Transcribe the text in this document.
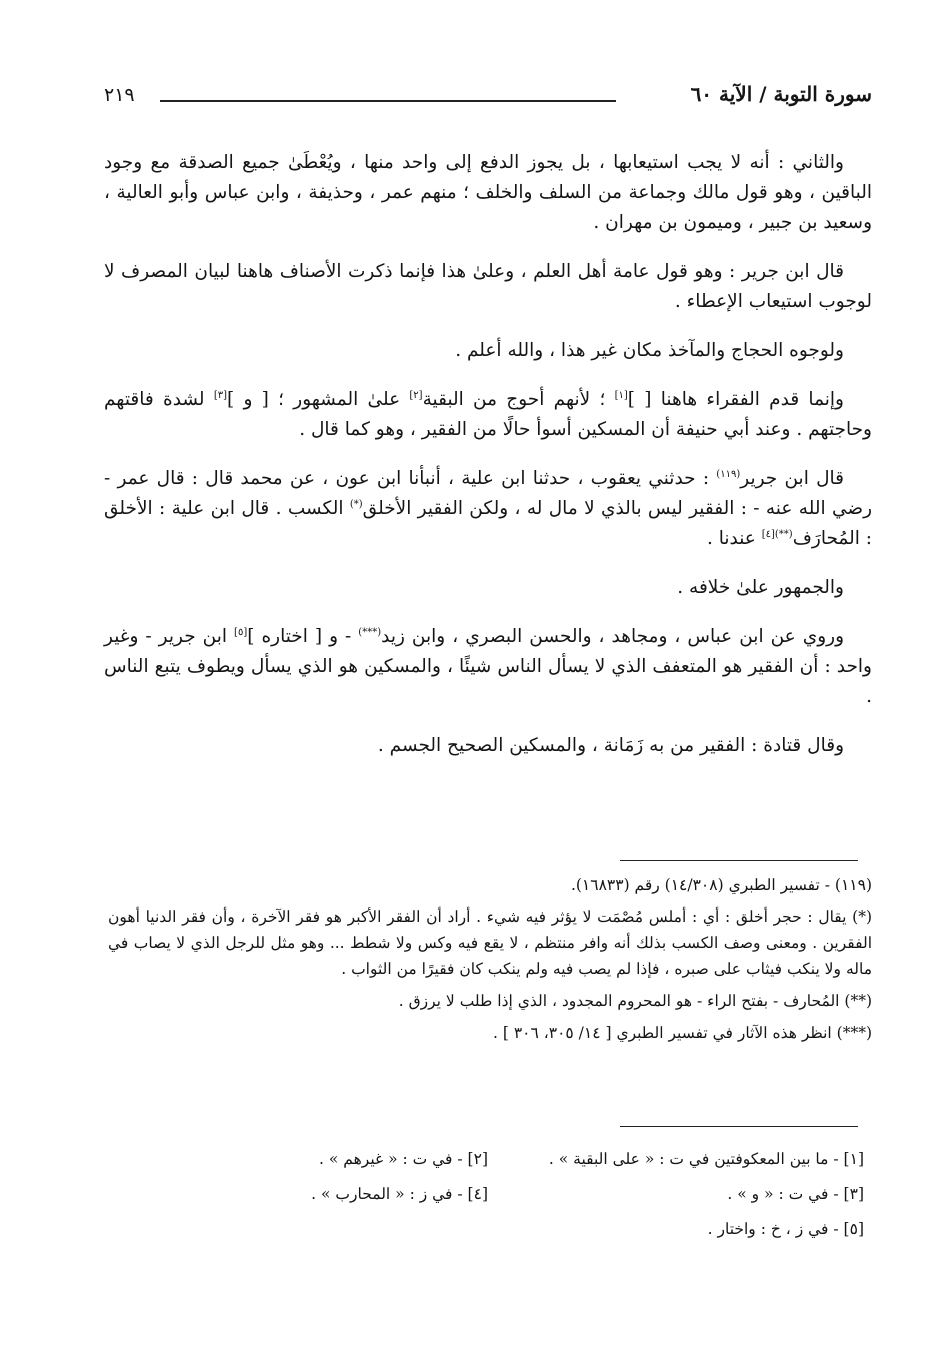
٢١٩	سورة التوبة / الآية ٦٠

والثاني : أنه لا يجب استيعابها ، بل يجوز الدفع إلى واحد منها ، ويُعْطَىٰ جميع الصدقة مع وجود الباقين ، وهو قول مالك وجماعة من السلف والخلف ؛ منهم عمر ، وحذيفة ، وابن عباس وأبو العالية ، وسعيد بن جبير ، وميمون بن مهران .

قال ابن جرير : وهو قول عامة أهل العلم ، وعلىٰ هذا فإنما ذكرت الأصناف هاهنا لبيان المصرف لا لوجوب استيعاب الإعطاء .

ولوجوه الحجاج والمآخذ مكان غير هذا ، والله أعلم .

وإنما قدم الفقراء هاهنا [ ][١] ؛ لأنهم أحوج من البقية[٢] علىٰ المشهور ؛ [ و ][٣] لشدة فاقتهم وحاجتهم . وعند أبي حنيفة أن المسكين أسوأ حالًا من الفقير ، وهو كما قال .

قال ابن جرير$^{(١١٩)}$ : حدثني يعقوب ، حدثنا ابن علية ، أنبأنا ابن عون ، عن محمد قال : قال عمر - رضي الله عنه - : الفقير ليس بالذي لا مال له ، ولكن الفقير الأخلق(*) الكسب . قال ابن علية : الأخلق : المُحارَف$^{(**)[٤]}$ عندنا .

والجمهور علىٰ خلافه .

وروي عن ابن عباس ، ومجاهد ، والحسن البصري ، وابن زيد(***) - و [ اختاره ][٥] ابن جرير - وغير واحد : أن الفقير هو المتعفف الذي لا يسأل الناس شيئًا ، والمسكين هو الذي يسأل ويطوف يتبع الناس .

وقال قتادة : الفقير من به زَمَانة ، والمسكين الصحيح الجسم .

(١١٩) - تفسير الطبري (١٤/٣٠٨) رقم (١٦٨٣٣).

(*) يقال : حجر أخلق : أي : أملس مُصْمَت لا يؤثر فيه شيء . أراد أن الفقر الأكبر هو فقر الآخرة ، وأن فقر الدنيا أهون الفقرين . ومعنى وصف الكسب بذلك أنه وافر منتظم ، لا يقع فيه وكس ولا شطط ... وهو مثل للرجل الذي لا يصاب في ماله ولا ينكب فيثاب على صبره ، فإذا لم يصب فيه ولم ينكب كان فقيرًا من الثواب .

(**) المُحارف - بفتح الراء - هو المحروم المجدود ، الذي إذا طلب لا يرزق .

(***) انظر هذه الآثار في تفسير الطبري [ ١٤/ ٣٠٥، ٣٠٦ ] .

[١] - ما بين المعكوفتين في ت : « على البقية » .
[٢] - في ت : « غيرهم » .
[٣] - في ت : « و » .
[٤] - في ز : « المحارب » .
[٥] - في ز ، خ : واختار .
